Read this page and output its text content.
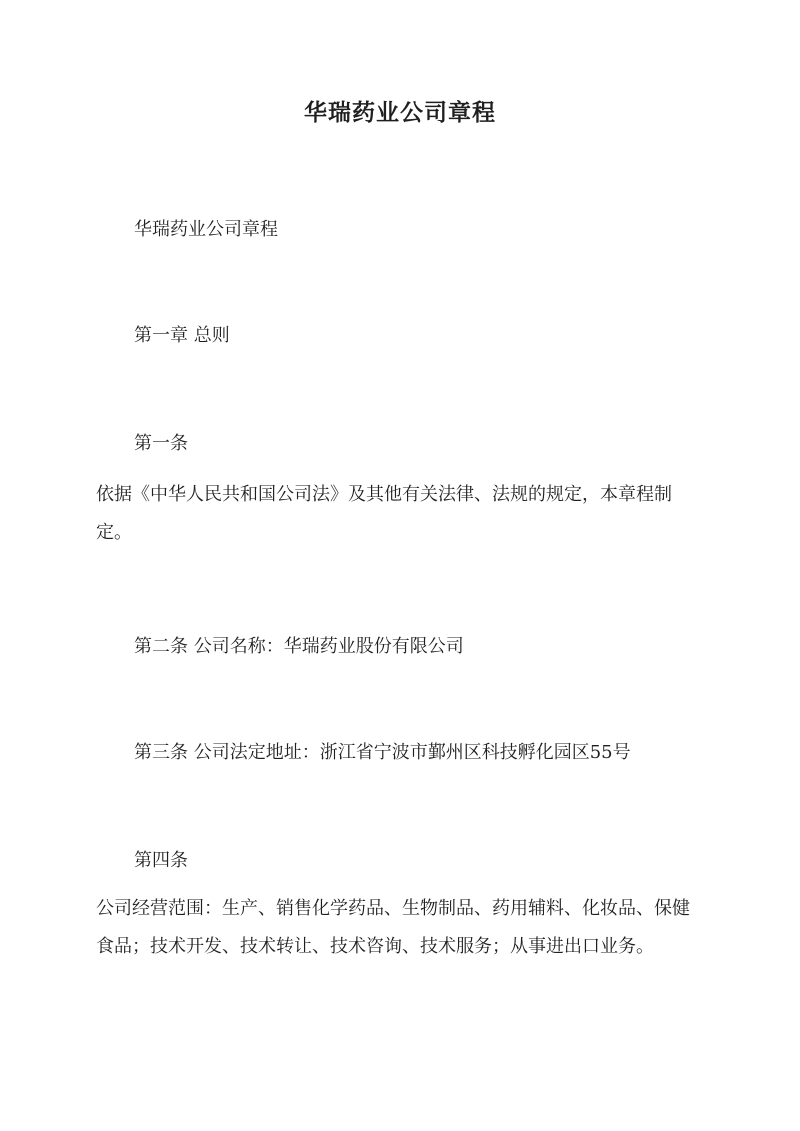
华瑞药业公司章程

华瑞药业公司章程

第一章 总则

第一条

依据《中华人民共和国公司法》及其他有关法律、法规的规定，本章程制定。

第二条 公司名称：华瑞药业股份有限公司

第三条 公司法定地址：浙江省宁波市鄞州区科技孵化园区55号

第四条

公司经营范围：生产、销售化学药品、生物制品、药用辅料、化妆品、保健食品；技术开发、技术转让、技术咨询、技术服务；从事进出口业务。
